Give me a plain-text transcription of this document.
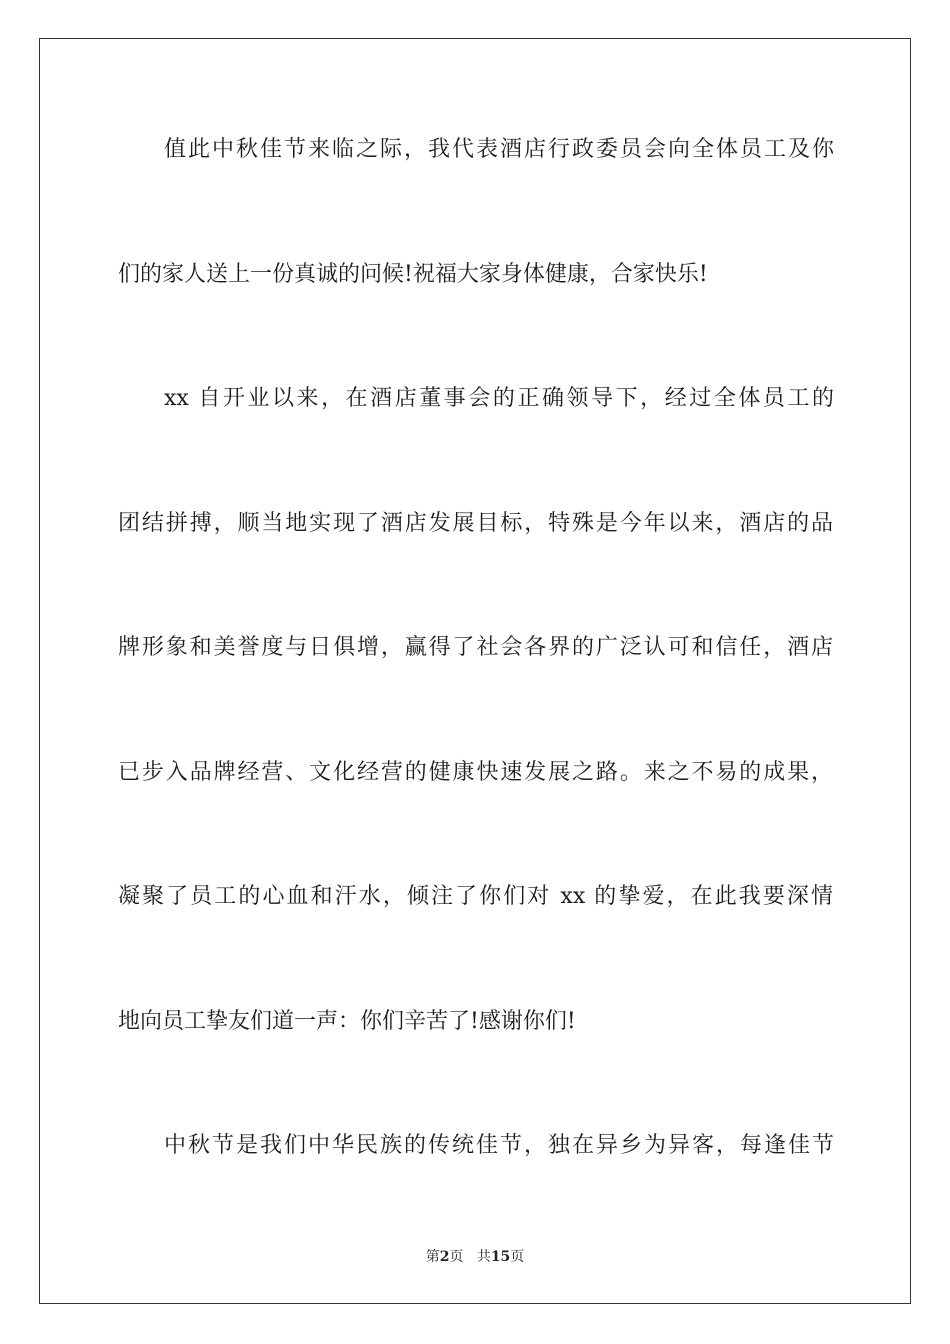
值此中秋佳节来临之际，我代表酒店行政委员会向全体员工及你
们的家人送上一份真诚的问候!祝福大家身体健康，合家快乐!
xx 自开业以来，在酒店董事会的正确领导下，经过全体员工的
团结拼搏，顺当地实现了酒店发展目标，特殊是今年以来，酒店的品
牌形象和美誉度与日俱增，赢得了社会各界的广泛认可和信任，酒店
已步入品牌经营、文化经营的健康快速发展之路。来之不易的成果，
凝聚了员工的心血和汗水，倾注了你们对 xx 的挚爱，在此我要深情
地向员工挚友们道一声：你们辛苦了!感谢你们!
中秋节是我们中华民族的传统佳节，独在异乡为异客，每逢佳节
第2页 共15页
